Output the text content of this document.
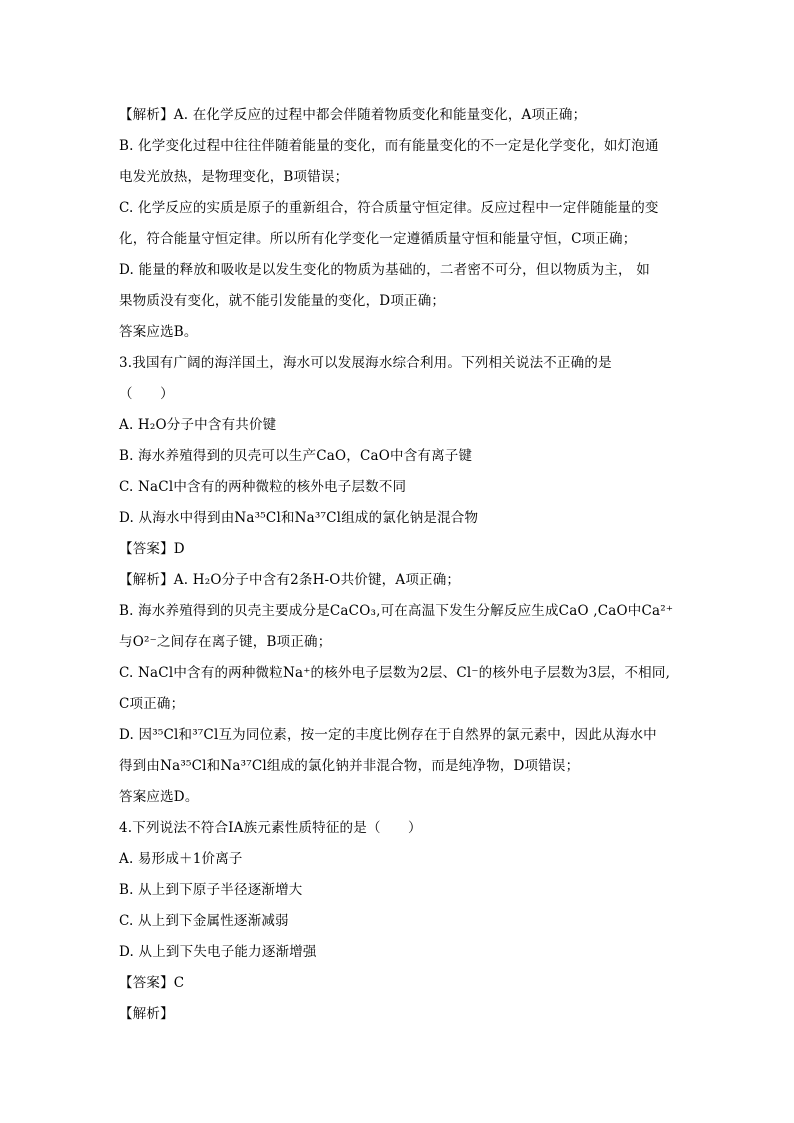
【解析】A. 在化学反应的过程中都会伴随着物质变化和能量变化，A项正确；
B. 化学变化过程中往往伴随着能量的变化，而有能量变化的不一定是化学变化，如灯泡通
电发光放热，是物理变化，B项错误；
C. 化学反应的实质是原子的重新组合，符合质量守恒定律。反应过程中一定伴随能量的变
化，符合能量守恒定律。所以所有化学变化一定遵循质量守恒和能量守恒，C项正确；
D. 能量的释放和吸收是以发生变化的物质为基础的，二者密不可分，但以物质为主， 如
果物质没有变化，就不能引发能量的变化，D项正确；
答案应选B。
3.我国有广阔的海洋国土，海水可以发展海水综合利用。下列相关说法不正确的是
（　　）
A. H₂O分子中含有共价键
B. 海水养殖得到的贝壳可以生产CaO，CaO中含有离子键
C. NaCl中含有的两种微粒的核外电子层数不同
D. 从海水中得到由Na³⁵Cl和Na³⁷Cl组成的氯化钠是混合物
【答案】D
【解析】A. H₂O分子中含有2条H-O共价键，A项正确；
B. 海水养殖得到的贝壳主要成分是CaCO₃,可在高温下发生分解反应生成CaO ,CaO中Ca²⁺
与O²⁻之间存在离子键，B项正确；
C. NaCl中含有的两种微粒Na⁺的核外电子层数为2层、Cl⁻的核外电子层数为3层，不相同,
C项正确；
D. 因³⁵Cl和³⁷Cl互为同位素，按一定的丰度比例存在于自然界的氯元素中，因此从海水中
得到由Na³⁵Cl和Na³⁷Cl组成的氯化钠并非混合物，而是纯净物，D项错误；
答案应选D。
4.下列说法不符合IA族元素性质特征的是（　　）
A. 易形成＋1价离子
B. 从上到下原子半径逐渐增大
C. 从上到下金属性逐渐减弱
D. 从上到下失电子能力逐渐增强
【答案】C
【解析】
